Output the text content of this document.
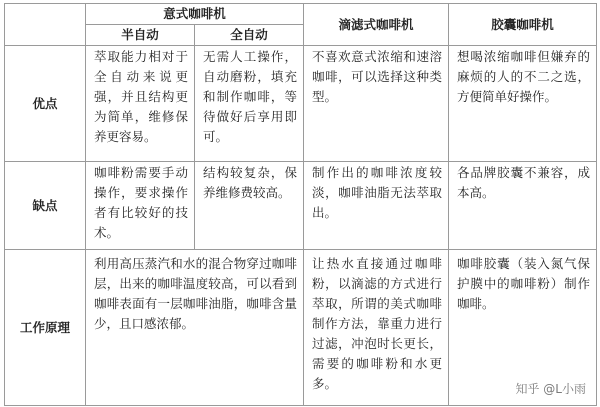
	意式咖啡机		滴滤式咖啡机	胶囊咖啡机
	半自动	全自动		
优点	萃取能力相对于全自动来说更强，并且结构更为简单，维修保养更容易。	无需人工操作，自动磨粉，填充和制作咖啡，等待做好后享用即可。	不喜欢意式浓缩和速溶咖啡，可以选择这种类型。	想喝浓缩咖啡但嫌弃的麻烦的人的不二之选，方便简单好操作。
缺点	咖啡粉需要手动操作，要求操作者有比较好的技术。	结构较复杂，保养维修费较高。	制作出的咖啡浓度较淡，咖啡油脂无法萃取出。	各品牌胶囊不兼容，成本高。
工作原理	利用高压蒸汽和水的混合物穿过咖啡层，出来的咖啡温度较高，可以看到咖啡表面有一层咖啡油脂，咖啡含量少，且口感浓郁。		让热水直接通过咖啡粉，以滴滤的方式进行萃取，所谓的美式咖啡制作方法，靠重力进行过滤，冲泡时长更长，需要的咖啡粉和水更多。	咖啡胶囊（装入氮气保护膜中的咖啡粉）制作咖啡。
知乎 @L小雨
